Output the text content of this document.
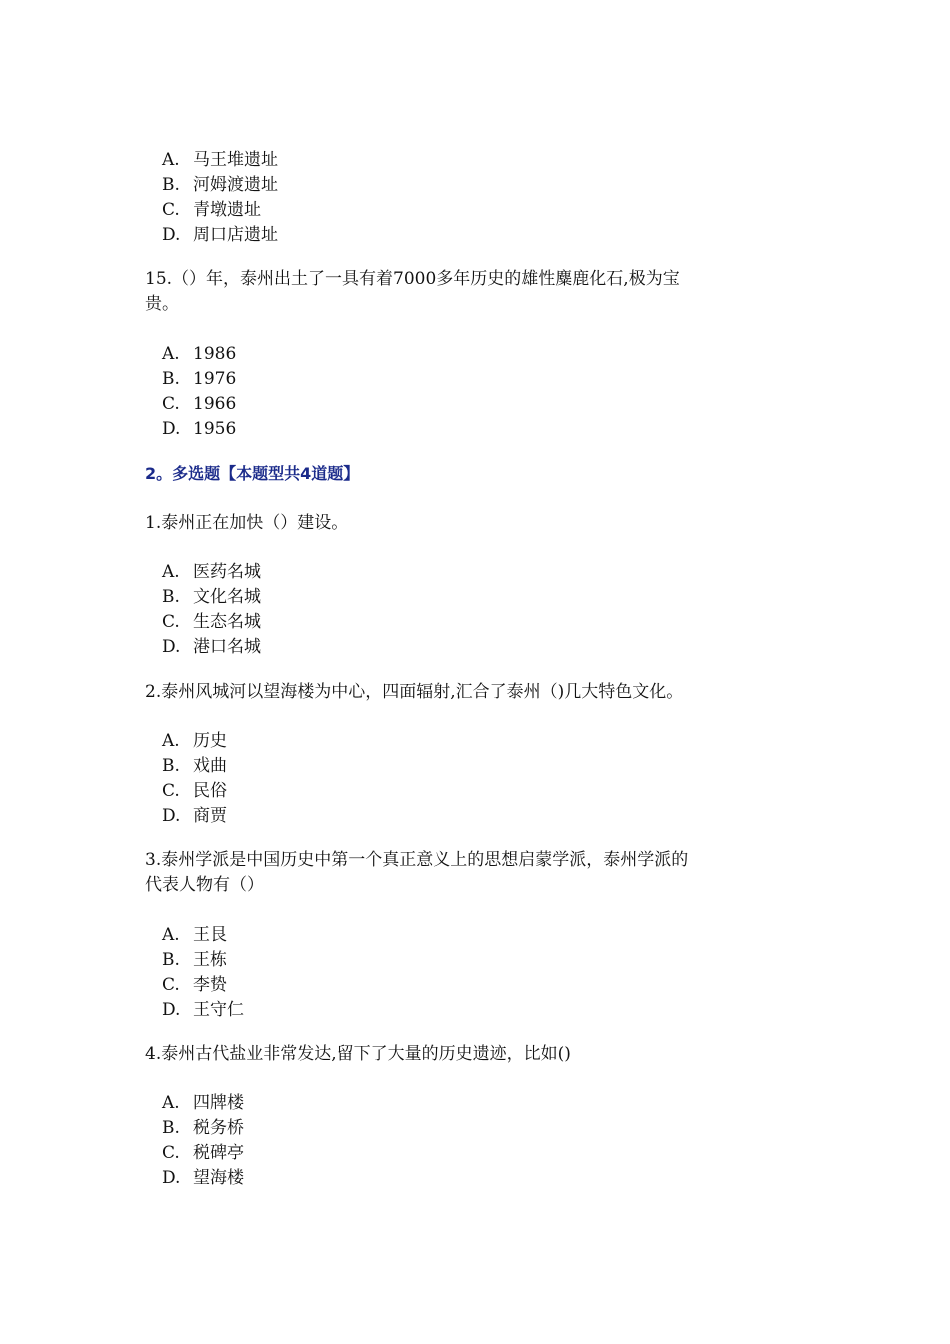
A. 马王堆遗址
B. 河姆渡遗址
C. 青墩遗址
D. 周口店遗址
15.（）年，泰州出土了一具有着7000多年历史的雄性麋鹿化石,极为宝
贵。
A. 1986
B. 1976
C. 1966
D. 1956
2。多选题【本题型共4道题】
1.泰州正在加快（）建设。
A. 医药名城
B. 文化名城
C. 生态名城
D. 港口名城
2.泰州风城河以望海楼为中心，四面辐射,汇合了泰州（)几大特色文化。
A. 历史
B. 戏曲
C. 民俗
D. 商贾
3.泰州学派是中国历史中第一个真正意义上的思想启蒙学派，泰州学派的
代表人物有（）
A. 王艮
B. 王栋
C. 李贽
D. 王守仁
4.泰州古代盐业非常发达,留下了大量的历史遗迹，比如()
A. 四牌楼
B. 税务桥
C. 税碑亭
D. 望海楼
